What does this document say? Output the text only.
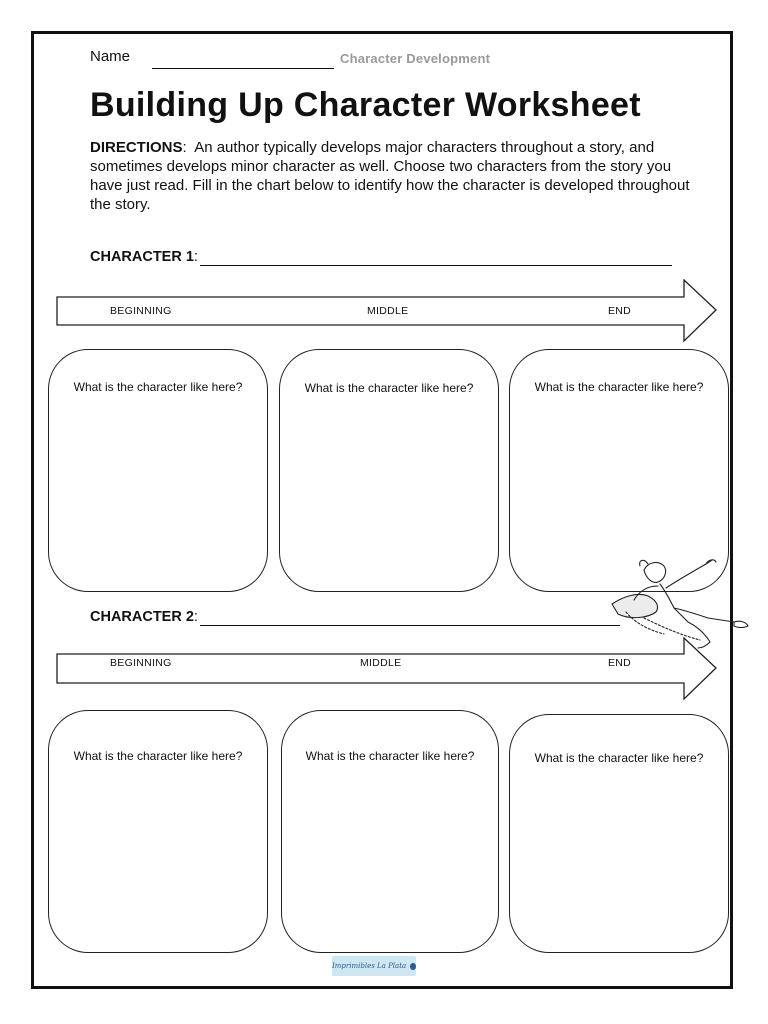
Name	Character Development
Building Up Character Worksheet
DIRECTIONS:  An author typically develops major characters throughout a story, and sometimes develops minor character as well. Choose two characters from the story you have just read. Fill in the chart below to identify how the character is developed throughout the story.
CHARACTER 1:
BEGINNING	MIDDLE	END
What is the character like here?	What is the character like here?	What is the character like here?
CHARACTER 2:
BEGINNING	MIDDLE	END
What is the character like here?	What is the character like here?	What is the character like here?
Imprimibles La Plata
